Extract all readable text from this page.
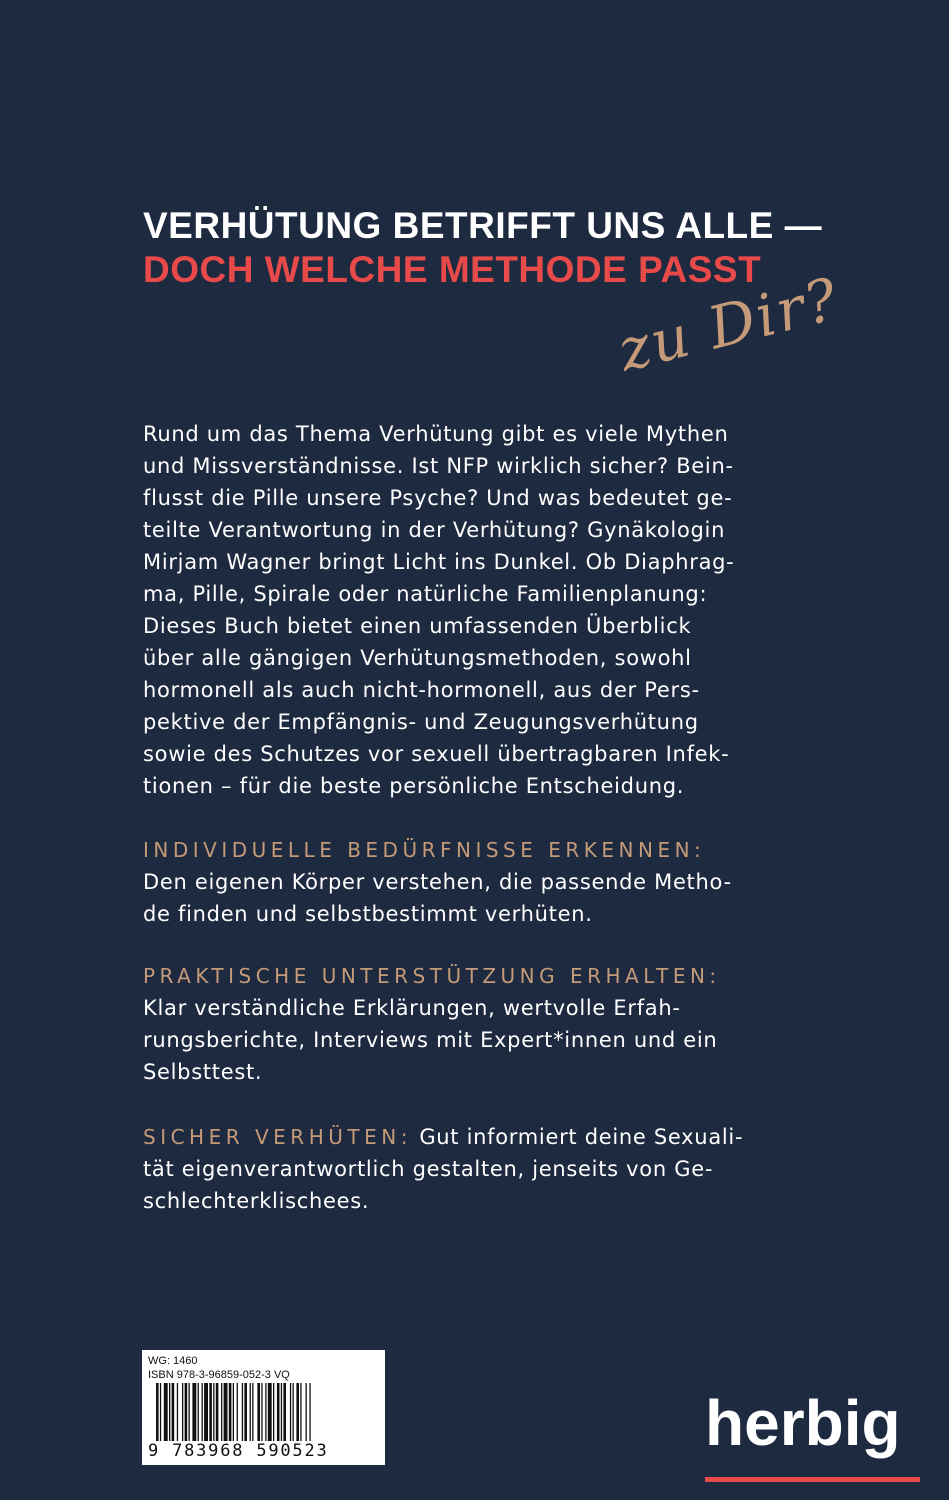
VERHÜTUNG BETRIFFT UNS ALLE —
DOCH WELCHE METHODE PASST
zu Dir?

Rund um das Thema Verhütung gibt es viele Mythen
und Missverständnisse. Ist NFP wirklich sicher? Bein-
flusst die Pille unsere Psyche? Und was bedeutet ge-
teilte Verantwortung in der Verhütung? Gynäkologin
Mirjam Wagner bringt Licht ins Dunkel. Ob Diaphrag-
ma, Pille, Spirale oder natürliche Familienplanung:
Dieses Buch bietet einen umfassenden Überblick
über alle gängigen Verhütungsmethoden, sowohl
hormonell als auch nicht-hormonell, aus der Pers-
pektive der Empfängnis- und Zeugungsverhütung
sowie des Schutzes vor sexuell übertragbaren Infek-
tionen – für die beste persönliche Entscheidung.

INDIVIDUELLE BEDÜRFNISSE ERKENNEN:
Den eigenen Körper verstehen, die passende Metho-
de finden und selbstbestimmt verhüten.

PRAKTISCHE UNTERSTÜTZUNG ERHALTEN:
Klar verständliche Erklärungen, wertvolle Erfah-
rungsberichte, Interviews mit Expert*innen und ein
Selbsttest.

SICHER VERHÜTEN: Gut informiert deine Sexuali-
tät eigenverantwortlich gestalten, jenseits von Ge-
schlechterklischees.

WG: 1460
ISBN 978-3-96859-052-3 VQ
9 783968 590523	herbig
